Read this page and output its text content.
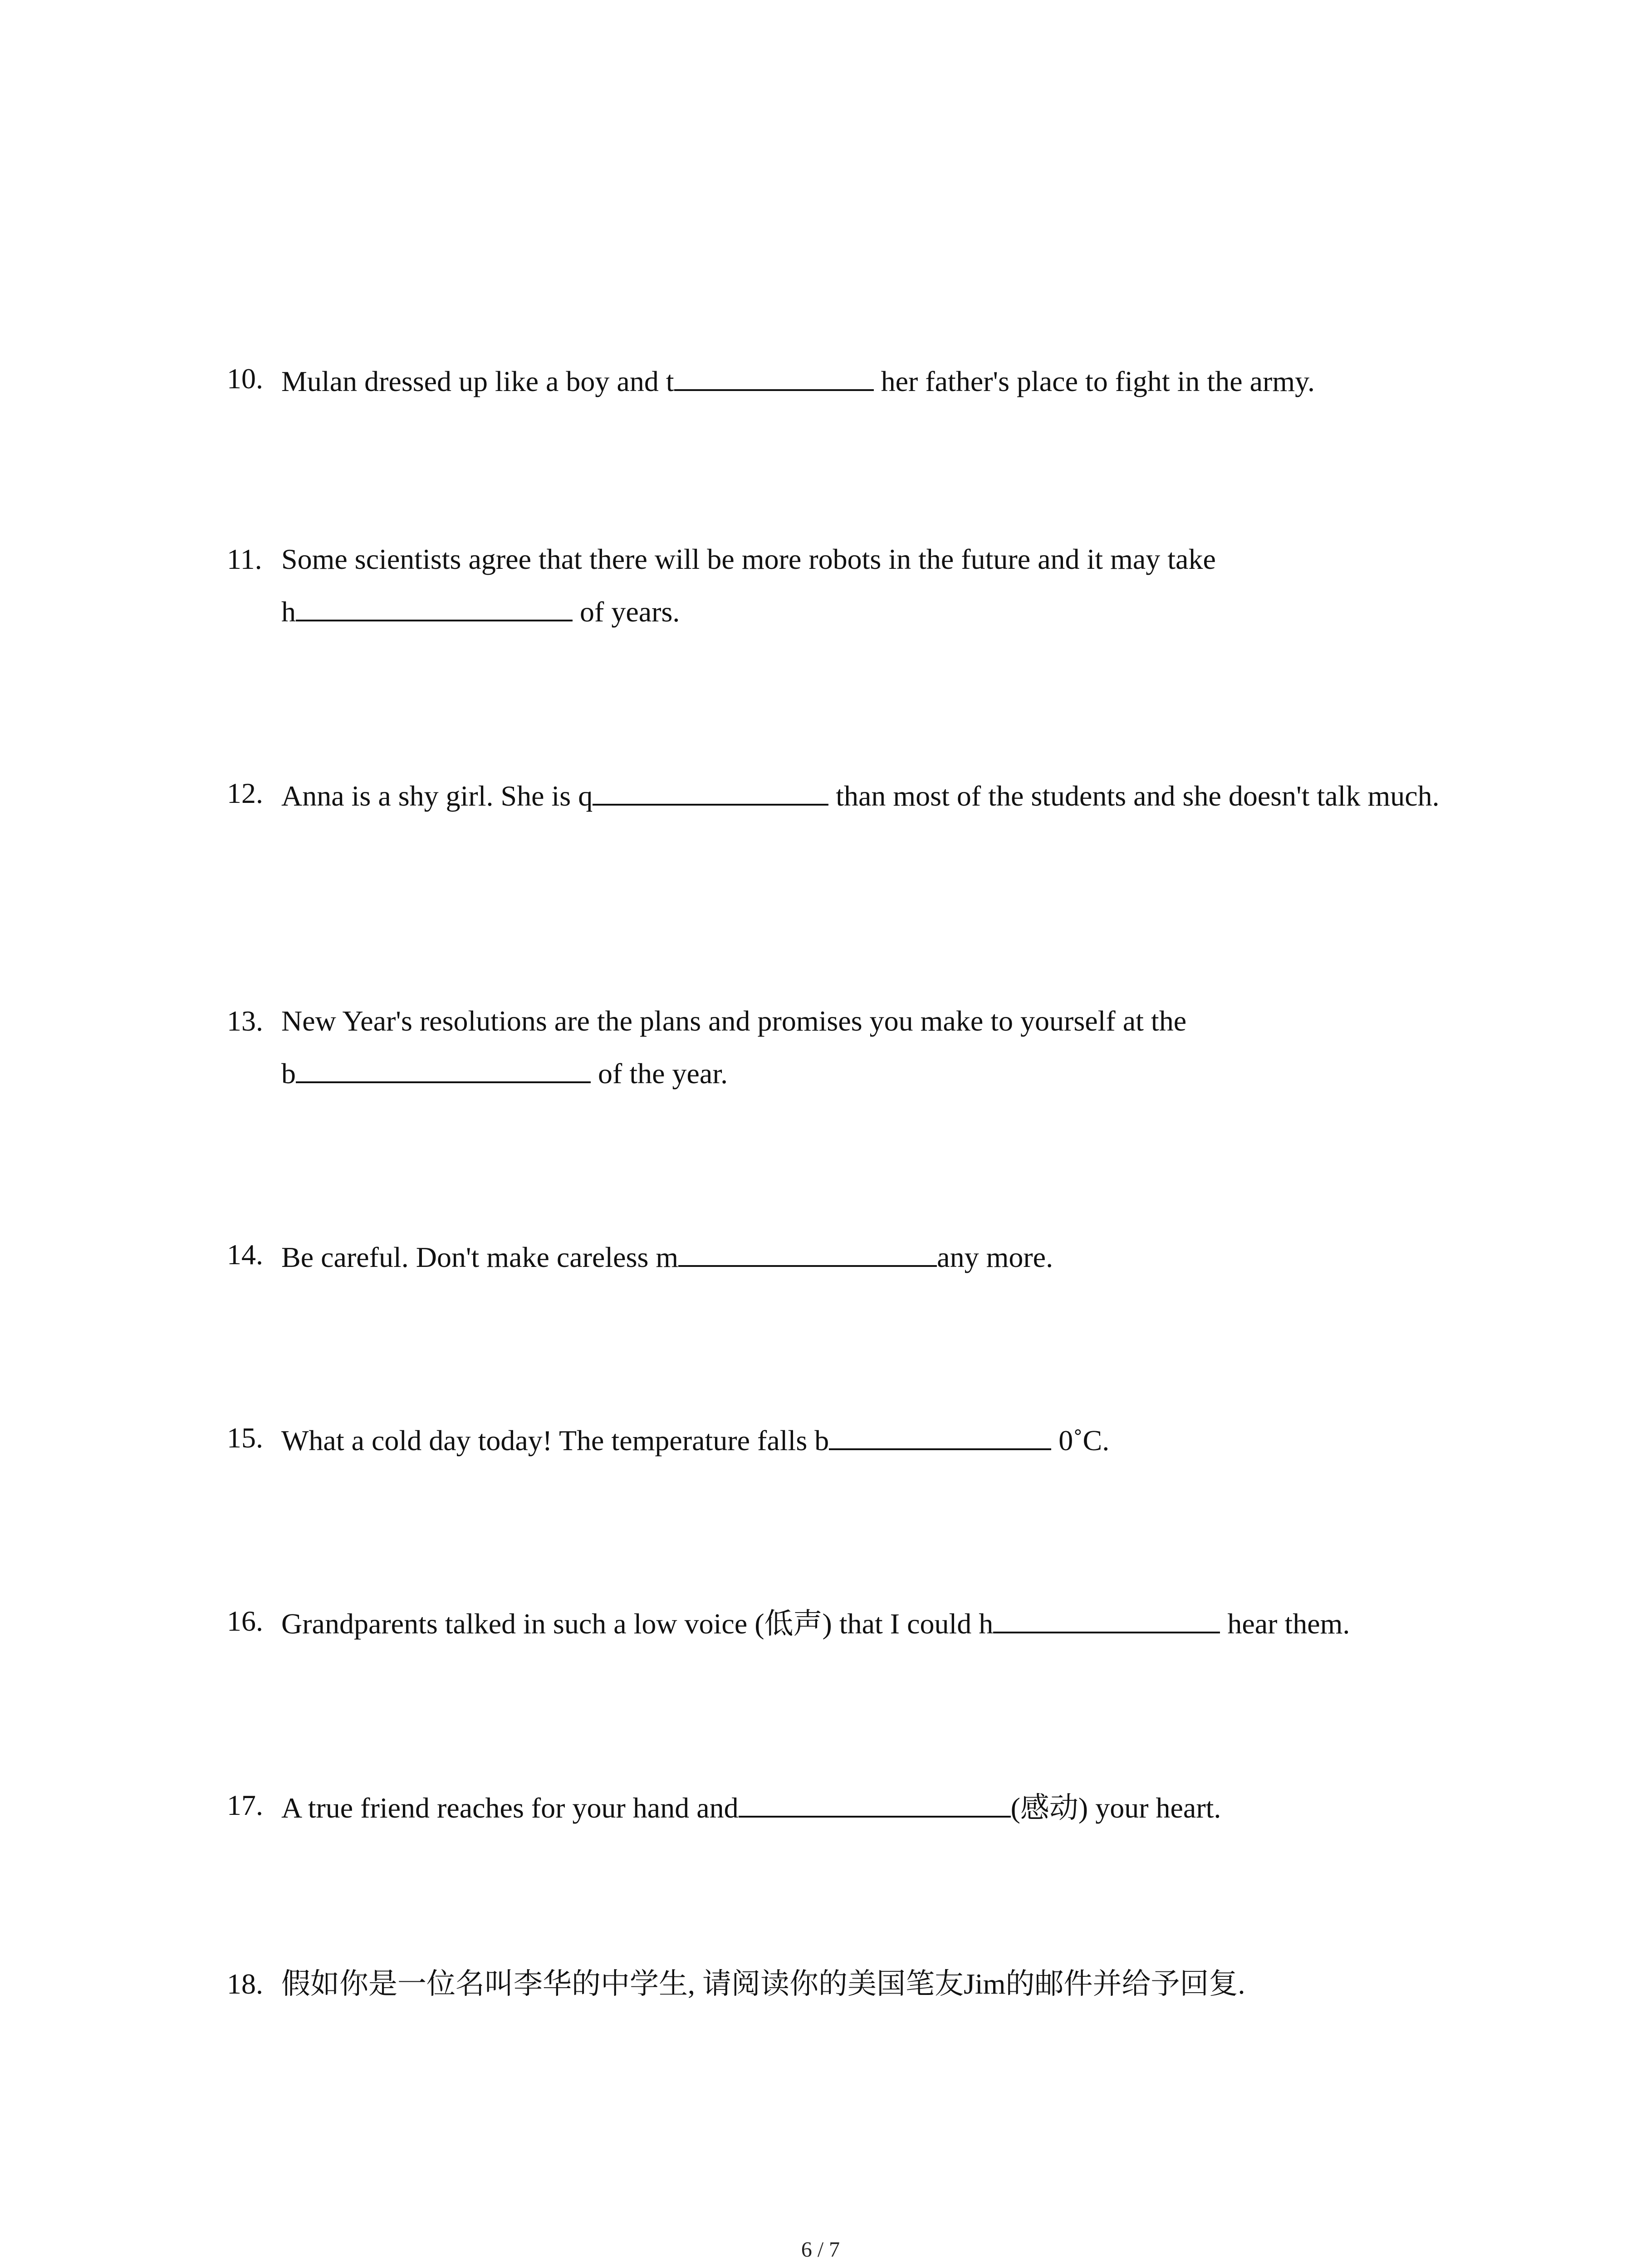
10. Mulan dressed up like a boy and t	her father's place to fight in the army.
11. Some scientists agree that there will be more robots in the future and it may take
h	of years.
12. Anna is a shy girl. She is q	than most of the students and she doesn't talk much.
13. New Year's resolutions are the plans and promises you make to yourself at the
b	of the year.
14. Be careful. Don't make careless m	any more.
15. What a cold day today! The temperature falls b	0˚C.
16. Grandparents talked in such a low voice (低声) that I could h	hear them.
17. A true friend reaches for your hand and	(感动) your heart.
18. 假如你是一位名叫李华的中学生, 请阅读你的美国笔友Jim的邮件并给予回复.
6 / 7
